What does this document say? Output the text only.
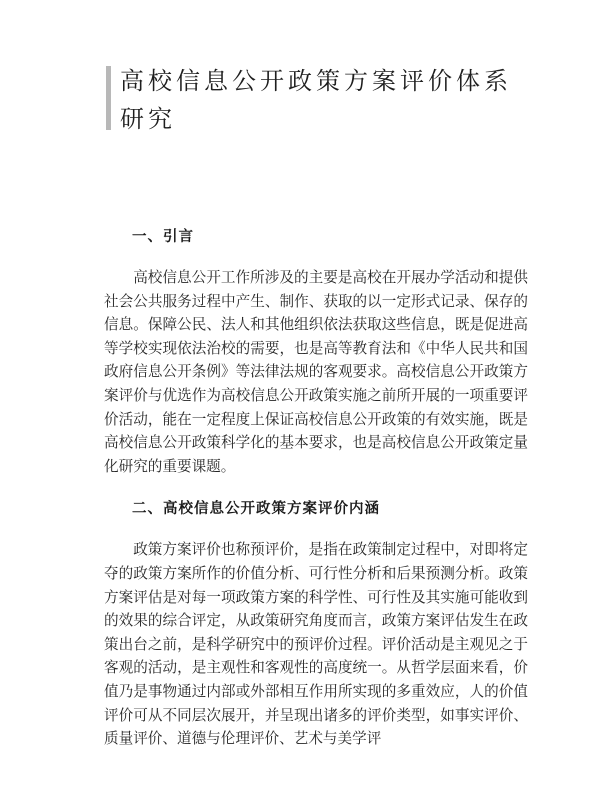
高校信息公开政策方案评价体系研究
一、引言

高校信息公开工作所涉及的主要是高校在开展办学活动和提供社会公共服务过程中产生、制作、获取的以一定形式记录、保存的信息。保障公民、法人和其他组织依法获取这些信息，既是促进高等学校实现依法治校的需要，也是高等教育法和《中华人民共和国政府信息公开条例》等法律法规的客观要求。高校信息公开政策方案评价与优选作为高校信息公开政策实施之前所开展的一项重要评价活动，能在一定程度上保证高校信息公开政策的有效实施，既是高校信息公开政策科学化的基本要求，也是高校信息公开政策定量化研究的重要课题。

二、高校信息公开政策方案评价内涵

政策方案评价也称预评价，是指在政策制定过程中，对即将定夺的政策方案所作的价值分析、可行性分析和后果预测分析。政策方案评估是对每一项政策方案的科学性、可行性及其实施可能收到的效果的综合评定，从政策研究角度而言，政策方案评估发生在政策出台之前，是科学研究中的预评价过程。评价活动是主观见之于客观的活动，是主观性和客观性的高度统一。从哲学层面来看，价值乃是事物通过内部或外部相互作用所实现的多重效应，人的价值评价可从不同层次展开，并呈现出诸多的评价类型，如事实评价、质量评价、道德与伦理评价、艺术与美学评
